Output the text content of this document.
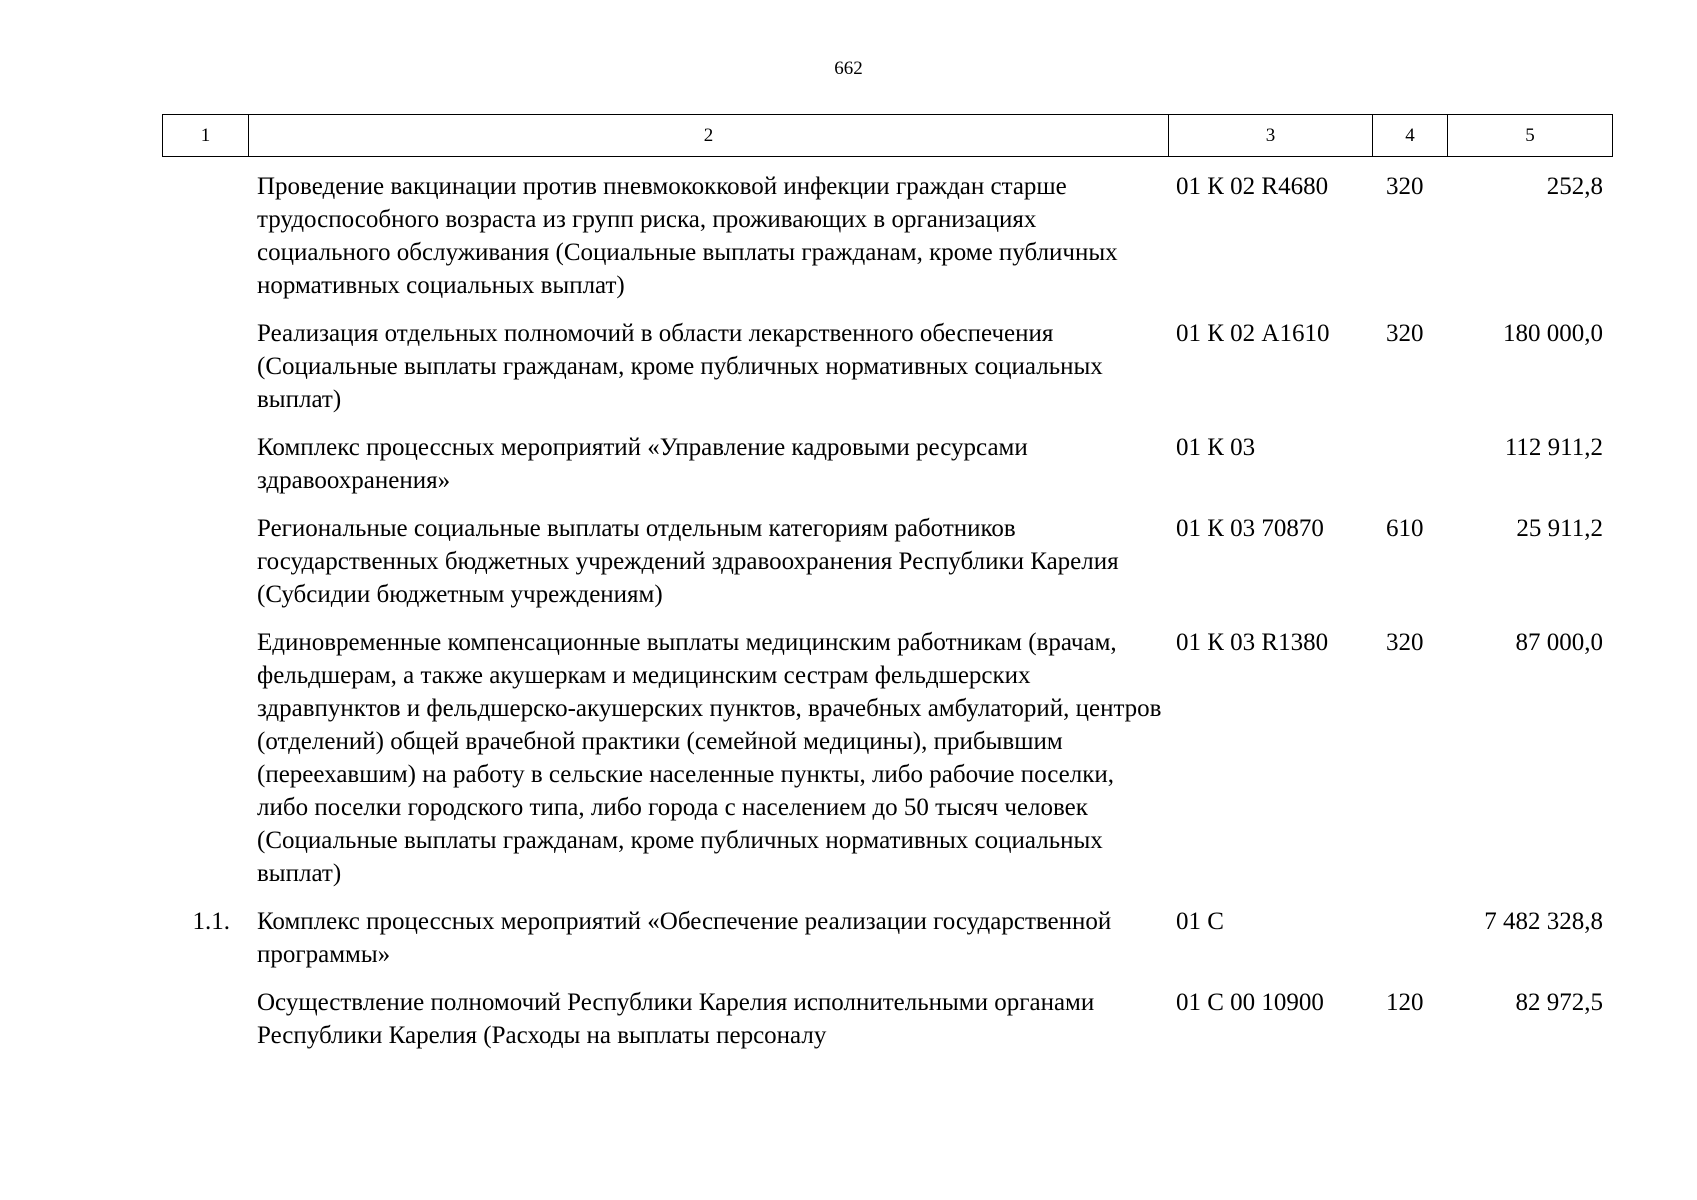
662
1	2	3	4	5
	Проведение вакцинации против пневмококковой инфекции граждан старше трудоспособного возраста из групп риска, проживающих в организациях социального обслуживания (Социальные выплаты гражданам, кроме публичных нормативных социальных выплат)	01 К 02 R4680	320	252,8
	Реализация отдельных полномочий в области лекарственного обеспечения (Социальные выплаты гражданам, кроме публичных нормативных социальных выплат)	01 К 02 А1610	320	180 000,0
	Комплекс процессных мероприятий «Управление кадровыми ресурсами здравоохранения»	01 К 03		112 911,2
	Региональные социальные выплаты отдельным категориям работников государственных бюджетных учреждений здравоохранения Республики Карелия (Субсидии бюджетным учреждениям)	01 К 03 70870	610	25 911,2
	Единовременные компенсационные выплаты медицинским работникам (врачам, фельдшерам, а также акушеркам и медицинским сестрам фельдшерских здравпунктов и фельдшерско-акушерских пунктов, врачебных амбулаторий, центров (отделений) общей врачебной практики (семейной медицины), прибывшим (переехавшим) на работу в сельские населенные пункты, либо рабочие поселки, либо поселки городского типа, либо города с населением до 50 тысяч человек (Социальные выплаты гражданам, кроме публичных нормативных социальных выплат)	01 К 03 R1380	320	87 000,0
1.1.	Комплекс процессных мероприятий «Обеспечение реализации государственной программы»	01 С		7 482 328,8
	Осуществление полномочий Республики Карелия исполнительными органами Республики Карелия (Расходы на выплаты персоналу	01 С 00 10900	120	82 972,5
